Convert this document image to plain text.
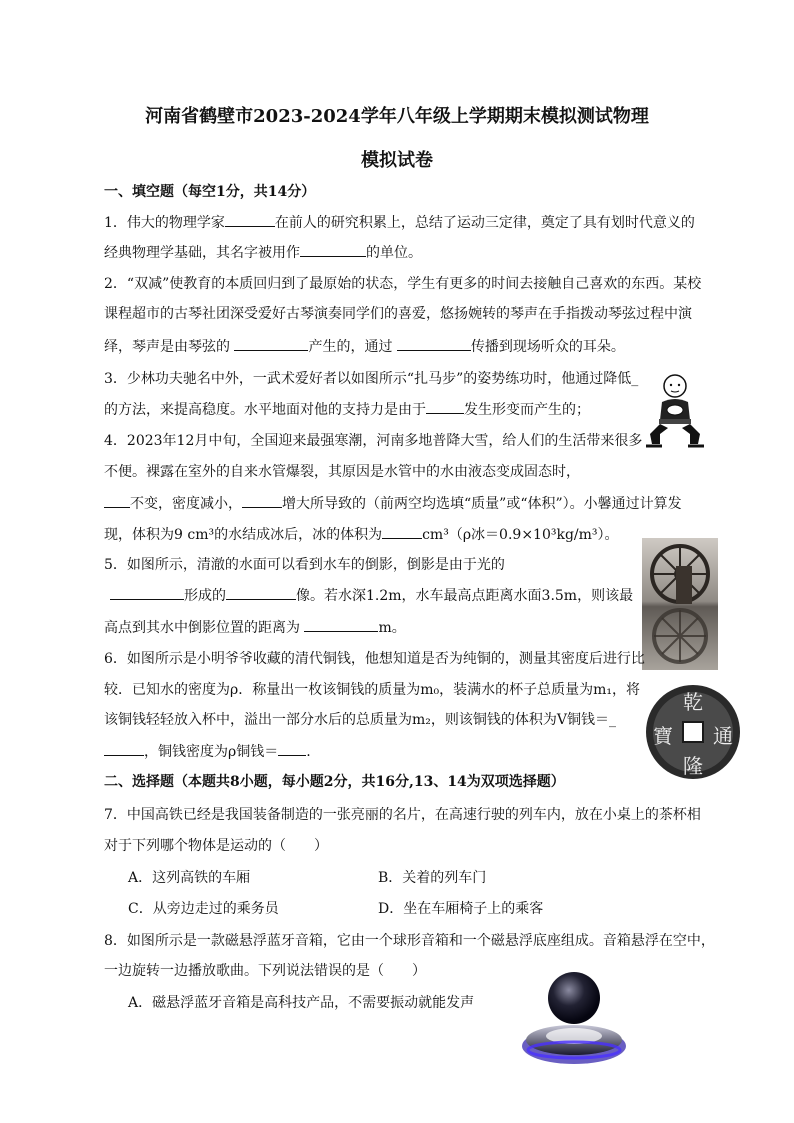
河南省鹤壁市2023-2024学年八年级上学期期末模拟测试物理
模拟试卷
一、填空题（每空1分，共14分）
1．伟大的物理学家	在前人的研究积累上，总结了运动三定律，奠定了具有划时代意义的
经典物理学基础，其名字被用作	的单位。
2．“双减”使教育的本质回归到了最原始的状态，学生有更多的时间去接触自己喜欢的东西。某校
课程超市的古琴社团深受爱好古琴演奏同学们的喜爱，悠扬婉转的琴声在手指拨动琴弦过程中演
绎，琴声是由琴弦的	产生的，通过	传播到现场听众的耳朵。
3．少林功夫驰名中外，一武术爱好者以如图所示“扎马步”的姿势练功时，他通过降低_
的方法，来提高稳度。水平地面对他的支持力是由于	发生形变而产生的；
4．2023年12月中旬，全国迎来最强寒潮，河南多地普降大雪，给人们的生活带来很多
不便。裸露在室外的自来水管爆裂，其原因是水管中的水由液态变成固态时，
不变，密度减小，	增大所导致的（前两空均选填“质量”或“体积”）。小馨通过计算发
现，体积为9 cm³的水结成冰后，冰的体积为	cm³（ρ冰＝0.9×10³kg/m³）。
5．如图所示，清澈的水面可以看到水车的倒影，倒影是由于光的
形成的	像。若水深1.2m，水车最高点距离水面3.5m，则该最
高点到其水中倒影位置的距离为	m。
6．如图所示是小明爷爷收藏的清代铜钱，他想知道是否为纯铜的，测量其密度后进行比
较．已知水的密度为ρ．称量出一枚该铜钱的质量为m₀，装满水的杯子总质量为m₁，将
该铜钱轻轻放入杯中，溢出一部分水后的总质量为m₂，则该铜钱的体积为V铜钱＝_
，铜钱密度为ρ铜钱＝ .
乾
隆
寶 通
二、选择题（本题共8小题，每小题2分，共16分,13、14为双项选择题）
7．中国高铁已经是我国装备制造的一张亮丽的名片，在高速行驶的列车内，放在小桌上的茶杯相
对于下列哪个物体是运动的（　　）
A．这列高铁的车厢	B．关着的列车门
C．从旁边走过的乘务员	D．坐在车厢椅子上的乘客
8．如图所示是一款磁悬浮蓝牙音箱，它由一个球形音箱和一个磁悬浮底座组成。音箱悬浮在空中，
一边旋转一边播放歌曲。下列说法错误的是（　　）
A．磁悬浮蓝牙音箱是高科技产品，不需要振动就能发声
